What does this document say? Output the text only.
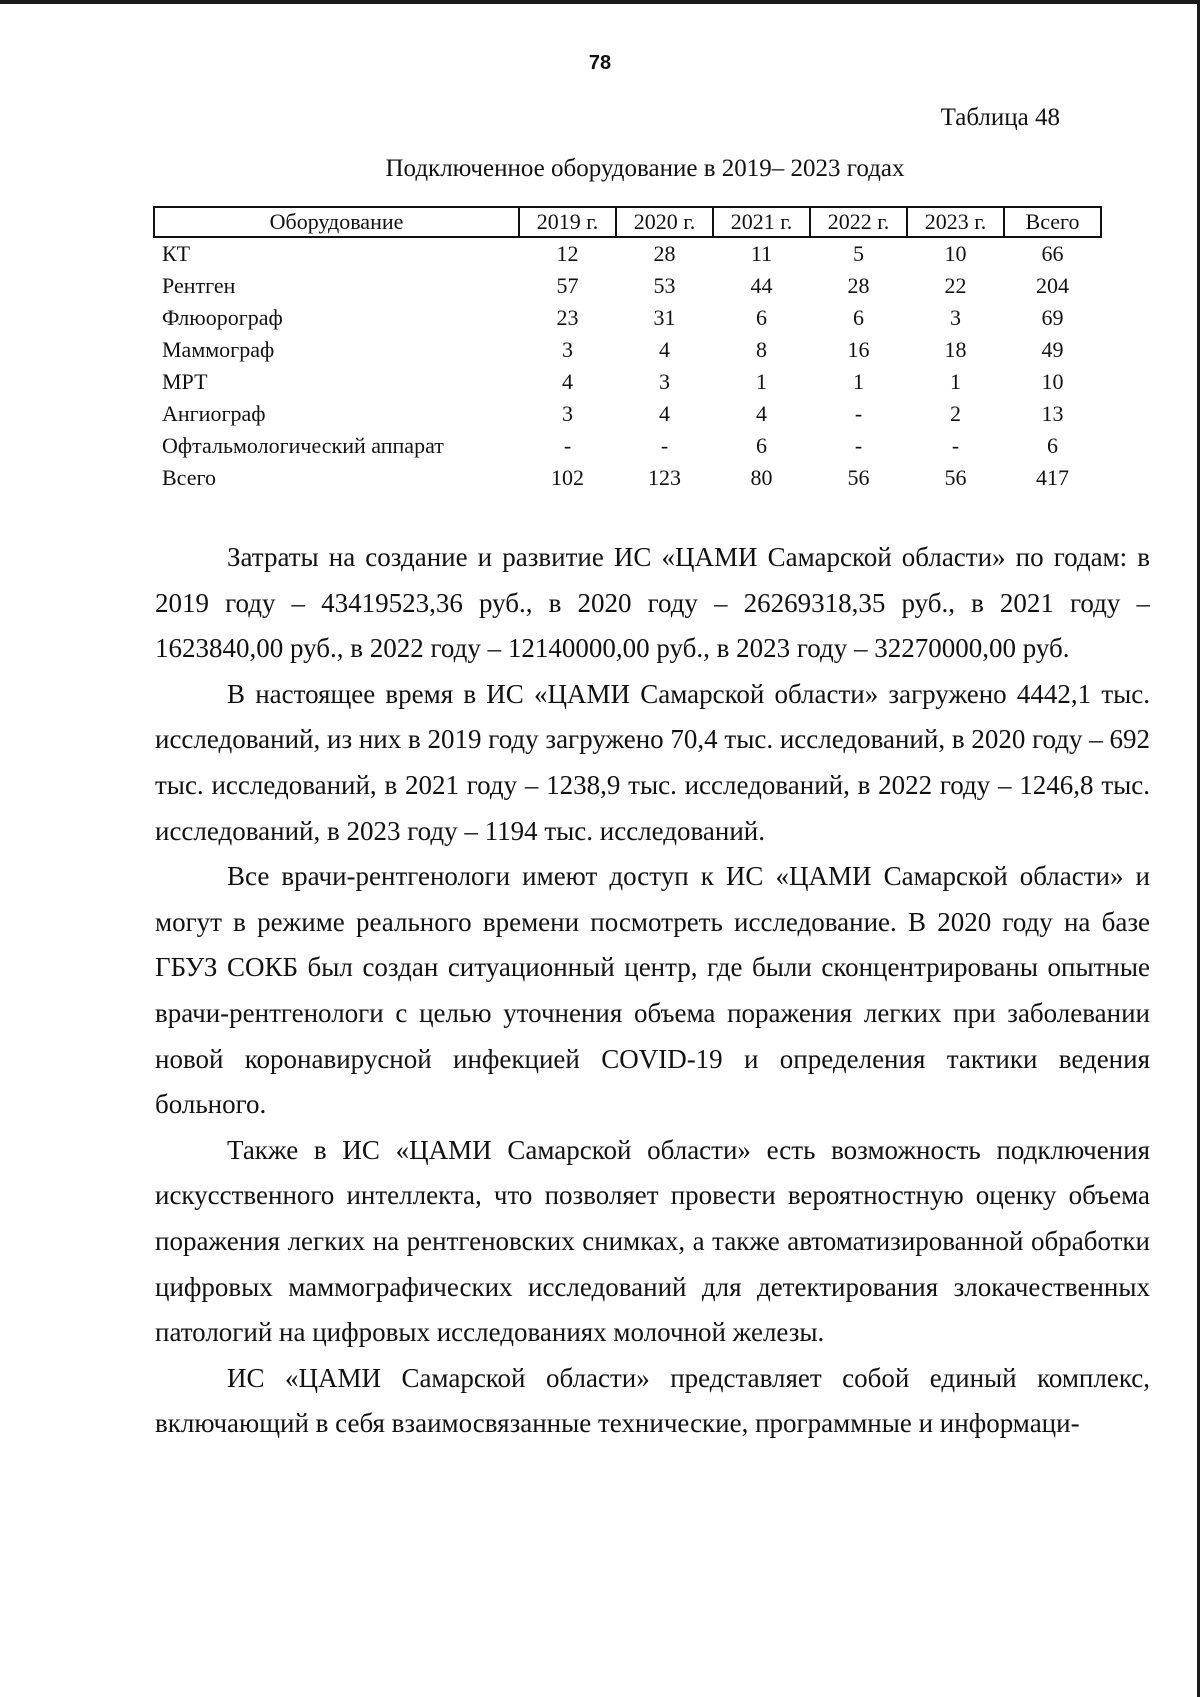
78
Таблица 48
Подключенное оборудование в 2019– 2023 годах
Оборудование	2019 г.	2020 г.	2021 г.	2022 г.	2023 г.	Всего
КТ	12	28	11	5	10	66
Рентген	57	53	44	28	22	204
Флюорограф	23	31	6	6	3	69
Маммограф	3	4	8	16	18	49
МРТ	4	3	1	1	1	10
Ангиограф	3	4	4	-	2	13
Офтальмологический аппарат	-	-	6	-	-	6
Всего	102	123	80	56	56	417

Затраты на создание и развитие ИС «ЦАМИ Самарской области» по годам: в 2019 году – 43419523,36 руб., в 2020 году – 26269318,35 руб., в 2021 году – 1623840,00 руб., в 2022 году – 12140000,00 руб., в 2023 году – 32270000,00 руб.

В настоящее время в ИС «ЦАМИ Самарской области» загружено 4442,1 тыс. исследований, из них в 2019 году загружено 70,4 тыс. исследований, в 2020 году – 692 тыс. исследований, в 2021 году – 1238,9 тыс. исследований, в 2022 году – 1246,8 тыс. исследований, в 2023 году – 1194 тыс. исследований.

Все врачи-рентгенологи имеют доступ к ИС «ЦАМИ Самарской области» и могут в режиме реального времени посмотреть исследование. В 2020 году на базе ГБУЗ СОКБ был создан ситуационный центр, где были сконцентрированы опытные врачи-рентгенологи с целью уточнения объема поражения легких при заболевании новой коронавирусной инфекцией COVID-19 и определения тактики ведения больного.

Также в ИС «ЦАМИ Самарской области» есть возможность подключения искусственного интеллекта, что позволяет провести вероятностную оценку объема поражения легких на рентгеновских снимках, а также автоматизированной обработки цифровых маммографических исследований для детектирования злокачественных патологий на цифровых исследованиях молочной железы.

ИС «ЦАМИ Самарской области» представляет собой единый комплекс, включающий в себя взаимосвязанные технические, программные и информаци-
